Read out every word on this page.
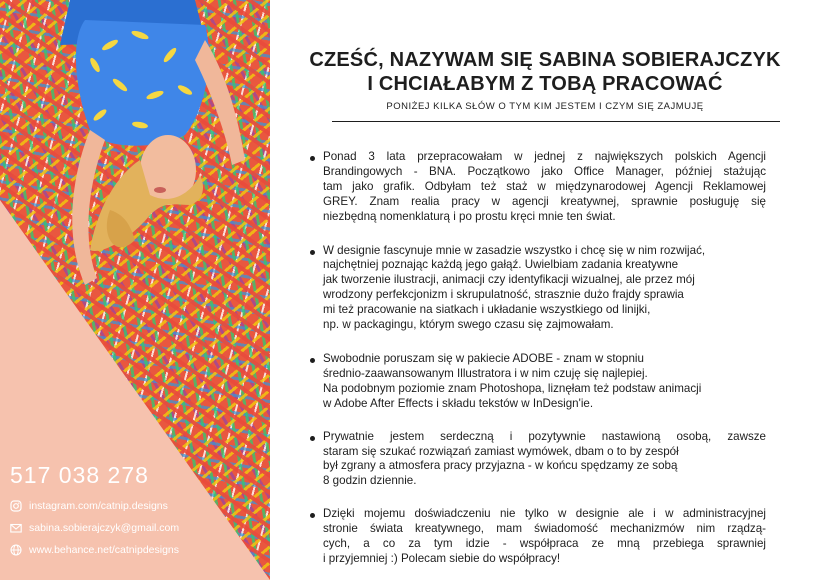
517 038 278
instagram.com/catnip.designs
sabina.sobierajczyk@gmail.com
www.behance.net/catnipdesigns
CZEŚĆ, NAZYWAM SIĘ SABINA SOBIERAJCZYK
I CHCIAŁABYM Z TOBĄ PRACOWAĆ

PONIŻEJ KILKA SŁÓW O TYM KIM JESTEM I CZYM SIĘ ZAJMUJĘ

Ponad 3 lata przepracowałam w jednej z największych polskich Agencji
Brandingowych - BNA. Początkowo jako Office Manager, później stażując
tam jako grafik. Odbyłam też staż w międzynarodowej Agencji Reklamowej
GREY. Znam realia pracy w agencji kreatywnej, sprawnie posługuję się
niezbędną nomenklaturą i po prostu kręci mnie ten świat.
W designie fascynuje mnie w zasadzie wszystko i chcę się w nim rozwijać,
najchętniej poznając każdą jego gałąź. Uwielbiam zadania kreatywne
jak tworzenie ilustracji, animacji czy identyfikacji wizualnej, ale przez mój
wrodzony perfekcjonizm i skrupulatność, strasznie dużo frajdy sprawia
mi też pracowanie na siatkach i układanie wszystkiego od linijki,
np. w packagingu, którym swego czasu się zajmowałam.
Swobodnie poruszam się w pakiecie ADOBE - znam w stopniu
średnio-zaawansowanym Illustratora i w nim czuję się najlepiej.
Na podobnym poziomie znam Photoshopa, liznęłam też podstaw animacji
w Adobe After Effects i składu tekstów w InDesign'ie.
Prywatnie jestem serdeczną i pozytywnie nastawioną osobą, zawsze
staram się szukać rozwiązań zamiast wymówek, dbam o to by zespół
był zgrany a atmosfera pracy przyjazna - w końcu spędzamy ze sobą
8 godzin dziennie.
Dzięki mojemu doświadczeniu nie tylko w designie ale i w administracyjnej
stronie świata kreatywnego, mam świadomość mechanizmów nim rządzą-
cych, a co za tym idzie - współpraca ze mną przebiega sprawniej
i przyjemniej :) Polecam siebie do współpracy!
